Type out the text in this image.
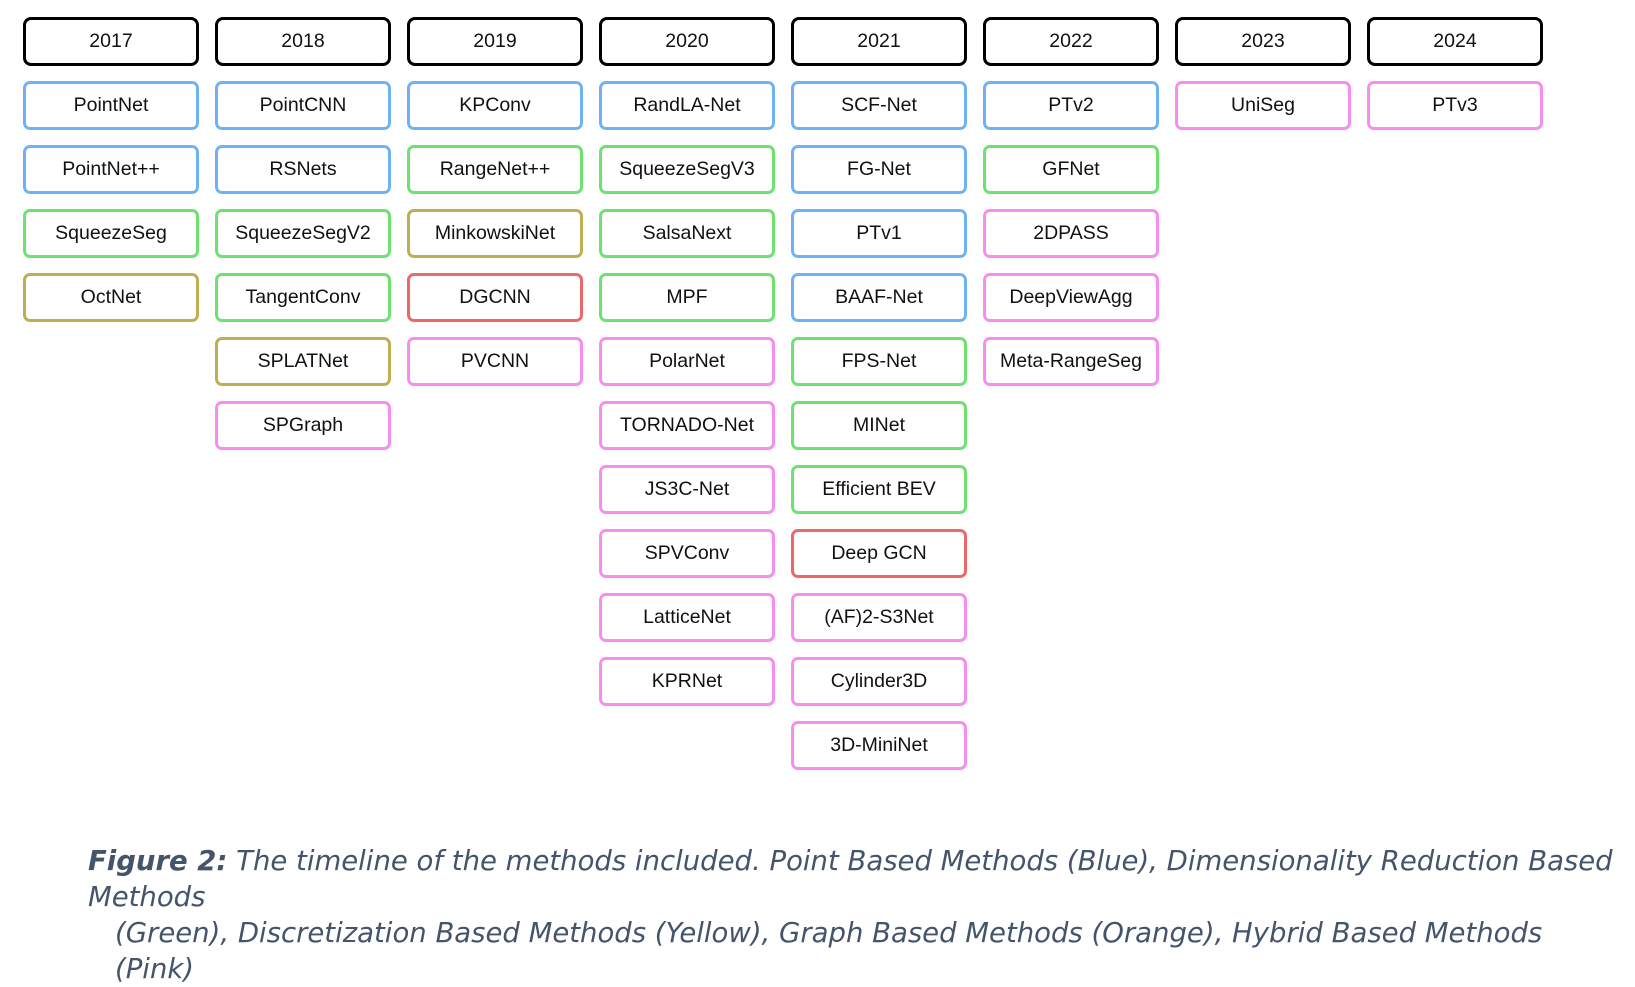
2017
PointNet
PointNet++
SqueezeSeg
OctNet
2018
PointCNN
RSNets
SqueezeSegV2
TangentConv
SPLATNet
SPGraph
2019
KPConv
RangeNet++
MinkowskiNet
DGCNN
PVCNN
2020
RandLA-Net
SqueezeSegV3
SalsaNext
MPF
PolarNet
TORNADO-Net
JS3C-Net
SPVConv
LatticeNet
KPRNet
2021
SCF-Net
FG-Net
PTv1
BAAF-Net
FPS-Net
MINet
Efficient BEV
Deep GCN
(AF)2-S3Net
Cylinder3D
3D-MiniNet
2022
PTv2
GFNet
2DPASS
DeepViewAgg
Meta-RangeSeg
2023
UniSeg
2024
PTv3

Figure 2: The timeline of the methods included. Point Based Methods (Blue), Dimensionality Reduction Based Methods
(Green), Discretization Based Methods (Yellow), Graph Based Methods (Orange), Hybrid Based Methods (Pink)
